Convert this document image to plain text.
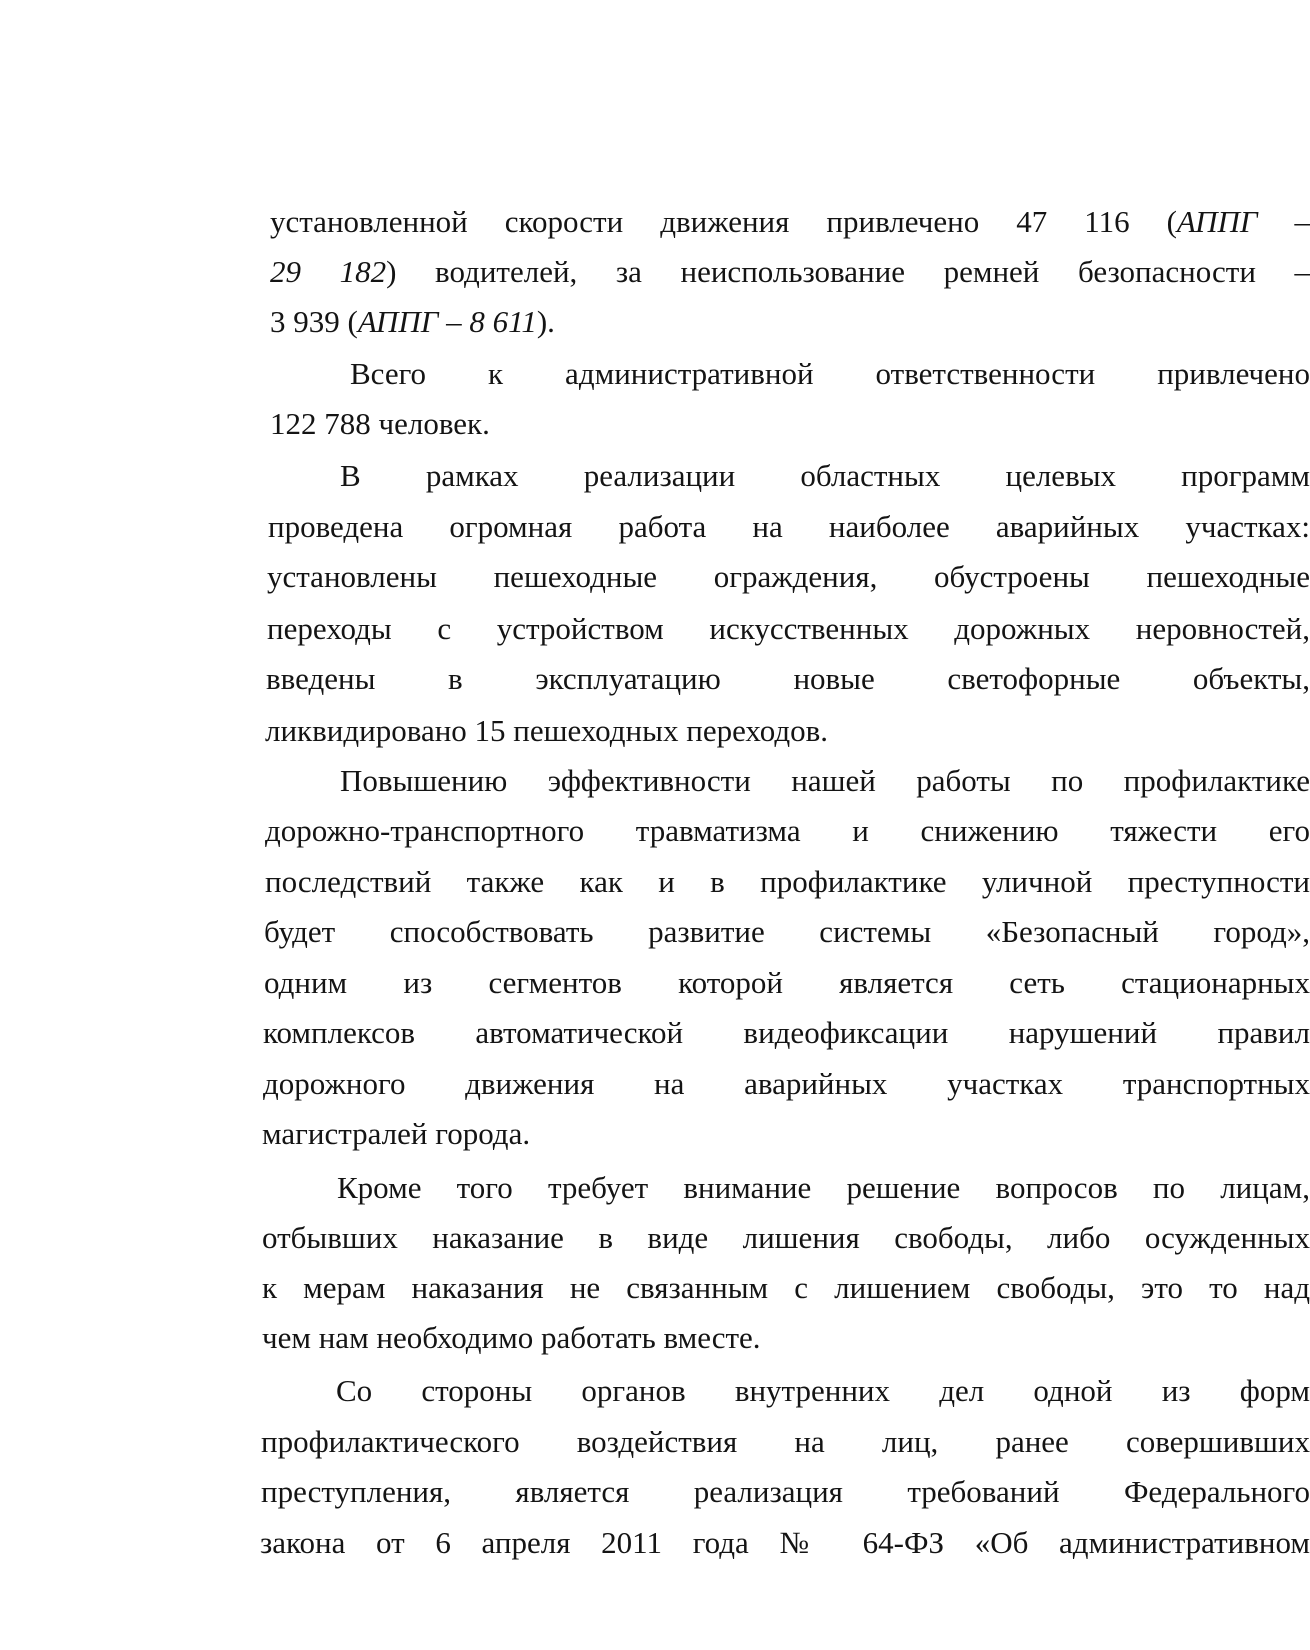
установленной скорости движения привлечено 47 116 (АППГ –
29 182) водителей, за неиспользование ремней безопасности –
3 939 (АППГ – 8 611).
Всего к административной ответственности привлечено
122 788 человек.
В рамках реализации областных целевых программ
проведена огромная работа на наиболее аварийных участках:
установлены пешеходные ограждения, обустроены пешеходные
переходы с устройством искусственных дорожных неровностей,
введены в эксплуатацию новые светофорные объекты,
ликвидировано 15 пешеходных переходов.
Повышению эффективности нашей работы по профилактике
дорожно-транспортного травматизма и снижению тяжести его
последствий также как и в профилактике уличной преступности
будет способствовать развитие системы «Безопасный город»,
одним из сегментов которой является сеть стационарных
комплексов автоматической видеофиксации нарушений правил
дорожного движения на аварийных участках транспортных
магистралей города.
Кроме того требует внимание решение вопросов по лицам,
отбывших наказание в виде лишения свободы, либо осужденных
к мерам наказания не связанным с лишением свободы, это то над
чем нам необходимо работать вместе.
Со стороны органов внутренних дел одной из форм
профилактического воздействия на лиц, ранее совершивших
преступления, является реализация требований Федерального
закона от 6 апреля 2011 года № 64-ФЗ «Об административном
